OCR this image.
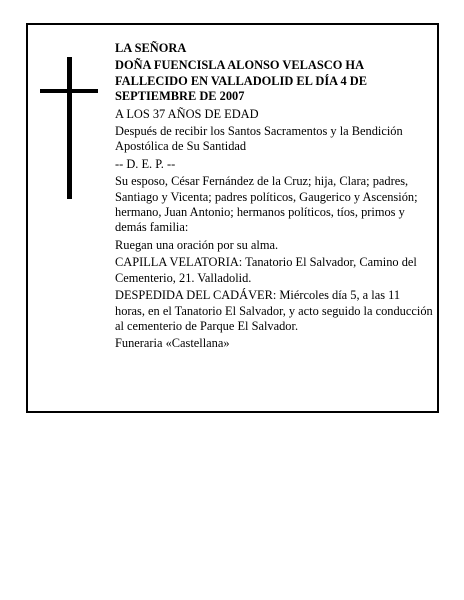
LA SEÑORA

DOÑA FUENCISLA ALONSO VELASCO HA FALLECIDO EN VALLADOLID EL DÍA 4 DE SEPTIEMBRE DE 2007

A LOS 37 AÑOS DE EDAD

Después de recibir los Santos Sacramentos y la Bendición Apostólica de Su Santidad

-- D. E. P. --

Su esposo, César Fernández de la Cruz; hija, Clara; padres, Santiago y Vicenta; padres políticos, Gaugerico y Ascensión; hermano, Juan Antonio; hermanos políticos, tíos, primos y demás familia:

Ruegan una oración por su alma.

CAPILLA VELATORIA: Tanatorio El Salvador, Camino del Cementerio, 21. Valladolid.

DESPEDIDA DEL CADÁVER: Miércoles día 5, a las 11 horas, en el Tanatorio El Salvador, y acto seguido la conducción al cementerio de Parque El Salvador.

Funeraria «Castellana»
